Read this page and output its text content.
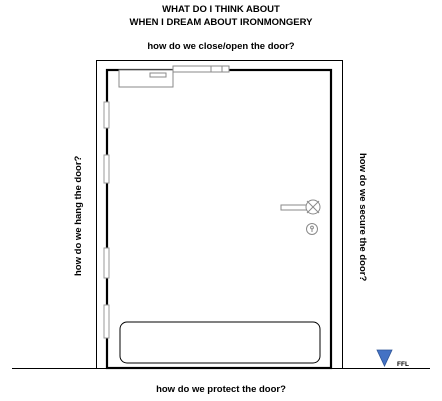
WHAT DO I THINK ABOUT
WHEN I DREAM ABOUT IRONMONGERY
how do we close/open the door?
how do we hang the door?	how do we secure the door?
FFL
how do we protect the door?
